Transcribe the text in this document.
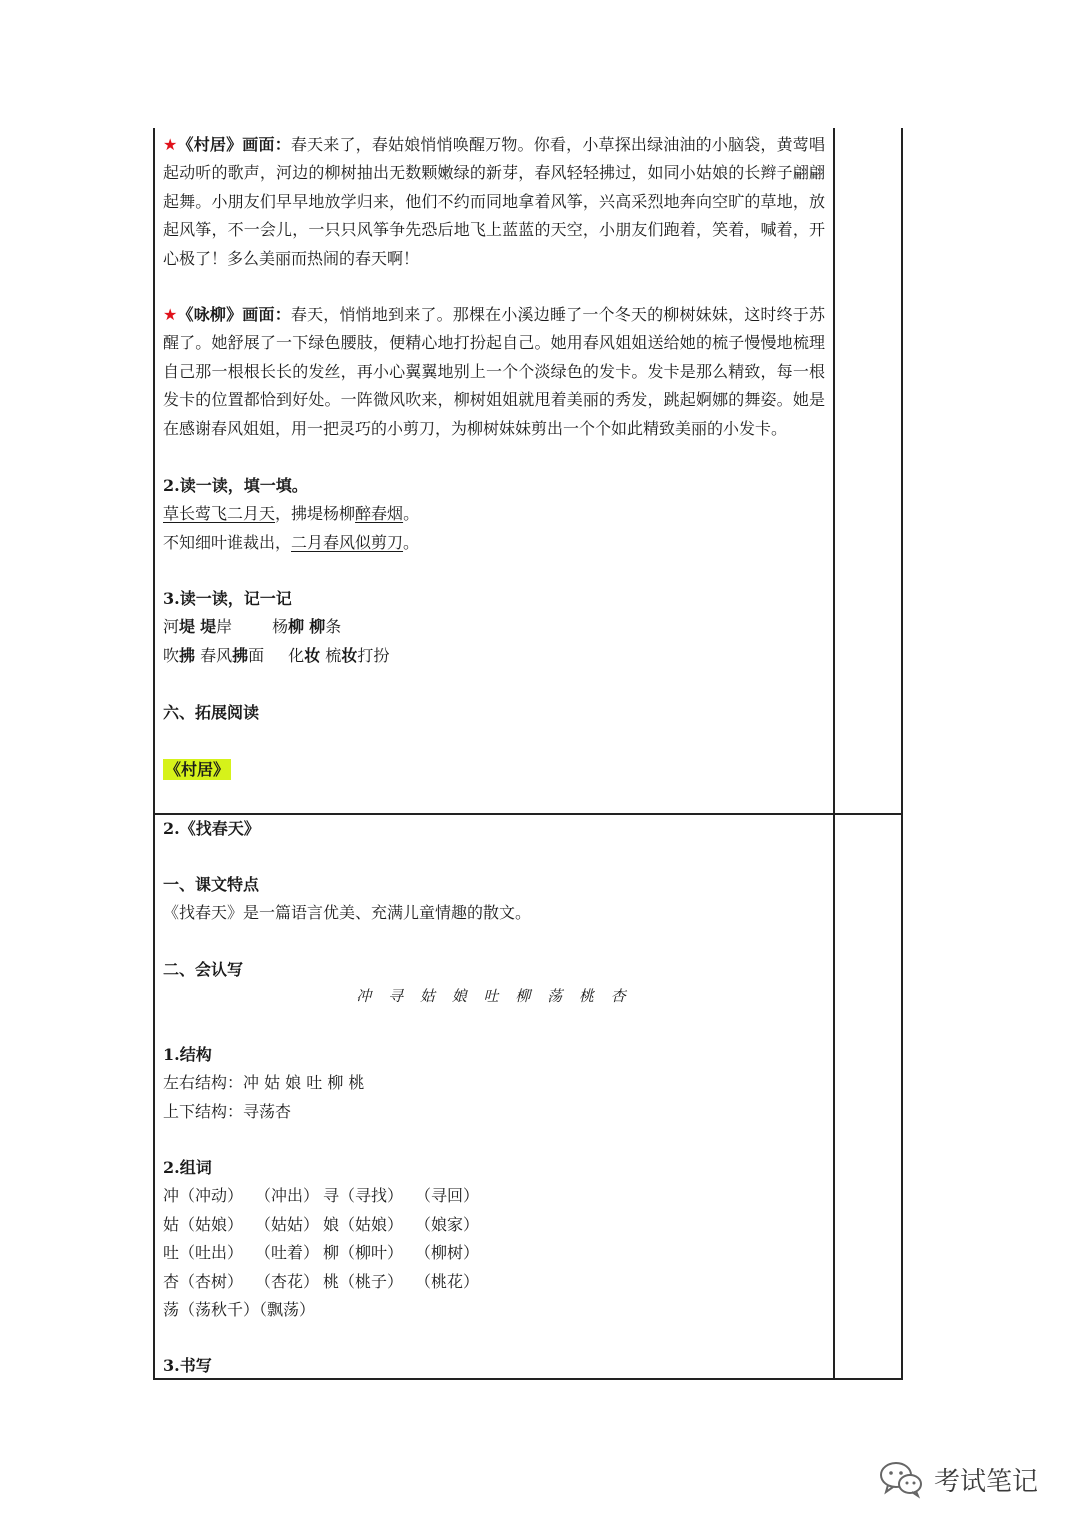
★《村居》画面：春天来了，春姑娘悄悄唤醒万物。你看，小草探出绿油油的小脑袋，黄莺唱起动听的歌声，河边的柳树抽出无数颗嫩绿的新芽，春风轻轻拂过，如同小姑娘的长辫子翩翩起舞。小朋友们早早地放学归来，他们不约而同地拿着风筝，兴高采烈地奔向空旷的草地，放起风筝，不一会儿，一只只风筝争先恐后地飞上蓝蓝的天空，小朋友们跑着，笑着，喊着，开心极了！多么美丽而热闹的春天啊！
★《咏柳》画面：春天，悄悄地到来了。那棵在小溪边睡了一个冬天的柳树妹妹，这时终于苏醒了。她舒展了一下绿色腰肢，便精心地打扮起自己。她用春风姐姐送给她的梳子慢慢地梳理自己那一根根长长的发丝，再小心翼翼地别上一个个淡绿色的发卡。发卡是那么精致，每一根发卡的位置都恰到好处。一阵微风吹来，柳树姐姐就甩着美丽的秀发，跳起婀娜的舞姿。她是在感谢春风姐姐，用一把灵巧的小剪刀，为柳树妹妹剪出一个个如此精致美丽的小发卡。
2.读一读，填一填。
草长莺飞二月天，拂堤杨柳醉春烟。
不知细叶谁裁出，二月春风似剪刀。
3.读一读，记一记
河堤 堤岸	杨柳 柳条
吹拂 春风拂面 化妆 梳妆打扮
六、拓展阅读
《村居》
2.《找春天》
一、课文特点
《找春天》是一篇语言优美、充满儿童情趣的散文。
二、会认写
冲 寻 姑 娘 吐 柳 荡 桃 杏
1.结构
左右结构：冲 姑 娘 吐 柳 桃
上下结构：寻荡杏
2.组词
冲（冲动） （冲出） 寻（寻找） （寻回）
姑（姑娘） （姑姑） 娘（姑娘） （娘家）
吐（吐出） （吐着） 柳（柳叶） （柳树）
杏（杏树） （杏花） 桃（桃子） （桃花）
荡（荡秋千）（飘荡）
3.书写
考试笔记
